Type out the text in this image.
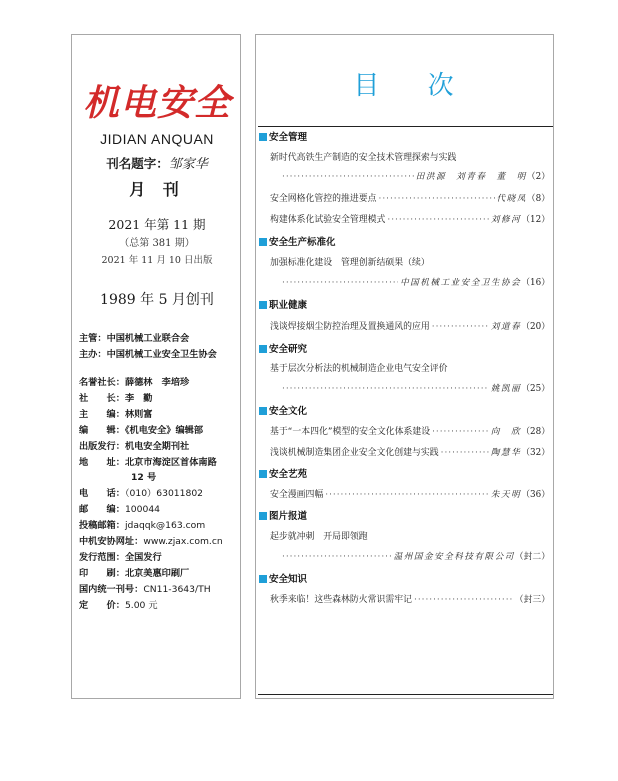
机电安全
JIDIAN ANQUAN
刊名题字：邹家华
月 刊
2021 年第 11 期
（总第 381 期）
2021 年 11 月 10 日出版
1989 年 5 月创刊
主管：中国机械工业联合会
主办：中国机械工业安全卫生协会
名誉社长：薛德林　李培珍
社　　长：李　勤
主　　编：林则富
编　　辑：《机电安全》编辑部
出版发行：机电安全期刊社
地　　址：北京市海淀区首体南路
12 号
电　　话：（010）63011802
邮　　编：100044
投稿邮箱：jdaqqk@163.com
中机安协网址：www.zjax.com.cn
发行范围：全国发行
印　　刷：北京美惠印刷厂
国内统一刊号：CN11-3643/TH
定　　价：5.00 元
目 次
安全管理
新时代高铁生产制造的安全技术管理探索与实践
·····
田洪源　刘青春　董　明 （2）
安全网格化管控的推进要点 ·····	代晓凤 （8）
构建体系化试验安全管理模式 ·····	刘修河 （12）
安全生产标准化
加强标准化建设　管理创新结硕果（续）
·····
中国机械工业安全卫生协会 （16）
职业健康
浅谈焊接烟尘防控治理及置换通风的应用 ·····	刘道春 （20）
安全研究
基于层次分析法的机械制造企业电气安全评价
·····
姚凯丽 （25）
安全文化
基于“一本四化”模型的安全文化体系建设 ·····	向　欣 （28）
浅谈机械制造集团企业安全文化创建与实践 ·····	陶慧华 （32）
安全艺苑
安全漫画四幅 ·····	朱天明 （36）
图片报道
起步就冲刺　开局即领跑
·····
温州国金安全科技有限公司 （封二）
安全知识
秋季来临！这些森林防火常识需牢记 ·····	（封三）
